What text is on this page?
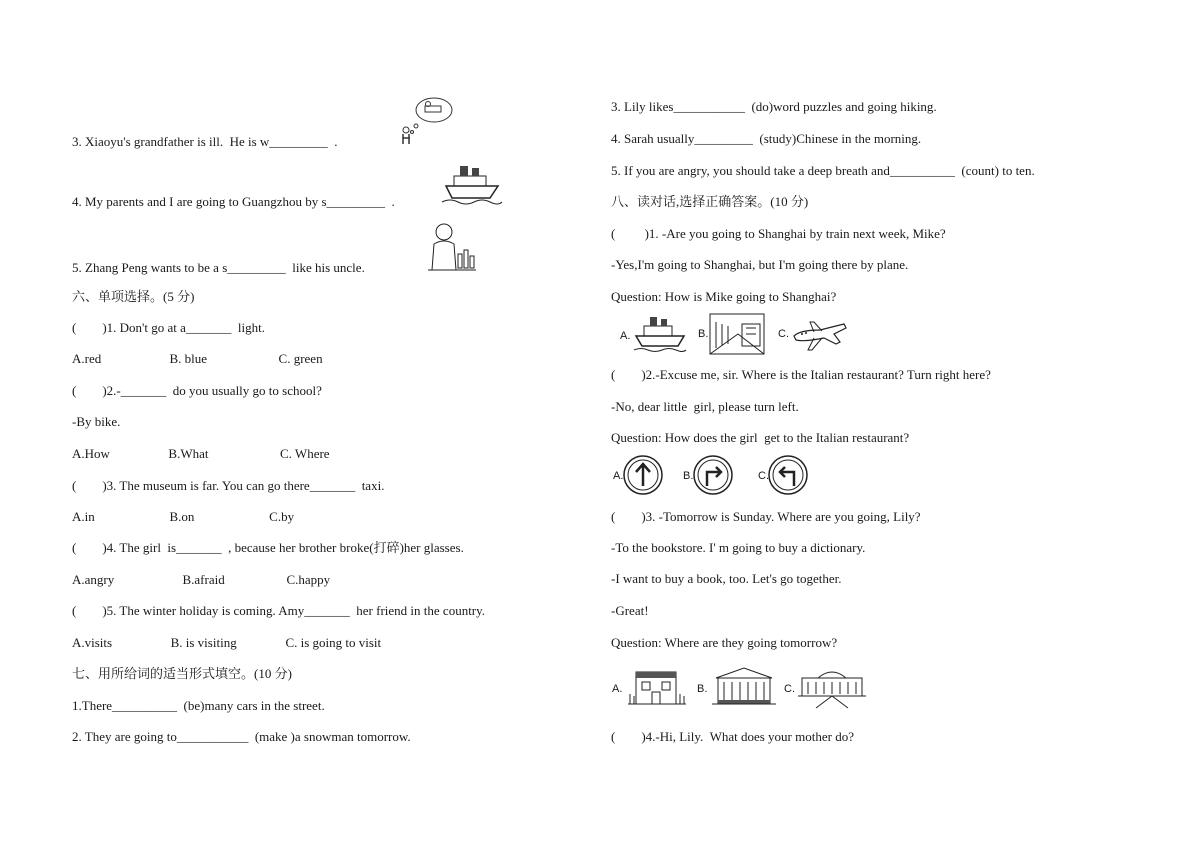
3. Xiaoyu's grandfather is ill.  He is w_________  .
4. My parents and I are going to Guangzhou by s_________  .
5. Zhang Peng wants to be a s_________  like his uncle.
六、单项选择。(5 分)
(        )1. Don't go at a_______  light.
A.red                     B. blue                      C. green
(        )2.-_______  do you usually go to school?
-By bike.
A.How                  B.What                      C. Where
(        )3. The museum is far. You can go there_______  taxi.
A.in                       B.on                       C.by
(        )4. The girl  is_______  , because her brother broke(打碎)her glasses.
A.angry                     B.afraid                   C.happy
(        )5. The winter holiday is coming. Amy_______  her friend in the country.
A.visits                  B. is visiting               C. is going to visit
七、用所给词的适当形式填空。(10 分)
1.There__________  (be)many cars in the street.
2. They are going to___________  (make )a snowman tomorrow.
3. Lily likes___________  (do)word puzzles and going hiking.
4. Sarah usually_________  (study)Chinese in the morning.
5. If you are angry, you should take a deep breath and__________  (count) to ten.
八、读对话,选择正确答案。(10 分)
(         )1. -Are you going to Shanghai by train next week, Mike?
-Yes,I'm going to Shanghai, but I'm going there by plane.
Question: How is Mike going to Shanghai?
A.	B.	C.
(        )2.-Excuse me, sir. Where is the Italian restaurant? Turn right here?
-No, dear little  girl, please turn left.
Question: How does the girl  get to the Italian restaurant?
A.	B.	C.
(        )3. -Tomorrow is Sunday. Where are you going, Lily?
-To the bookstore. I' m going to buy a dictionary.
-I want to buy a book, too. Let's go together.
-Great!
Question: Where are they going tomorrow?
A.	B.	C.
(        )4.-Hi, Lily.  What does your mother do?
